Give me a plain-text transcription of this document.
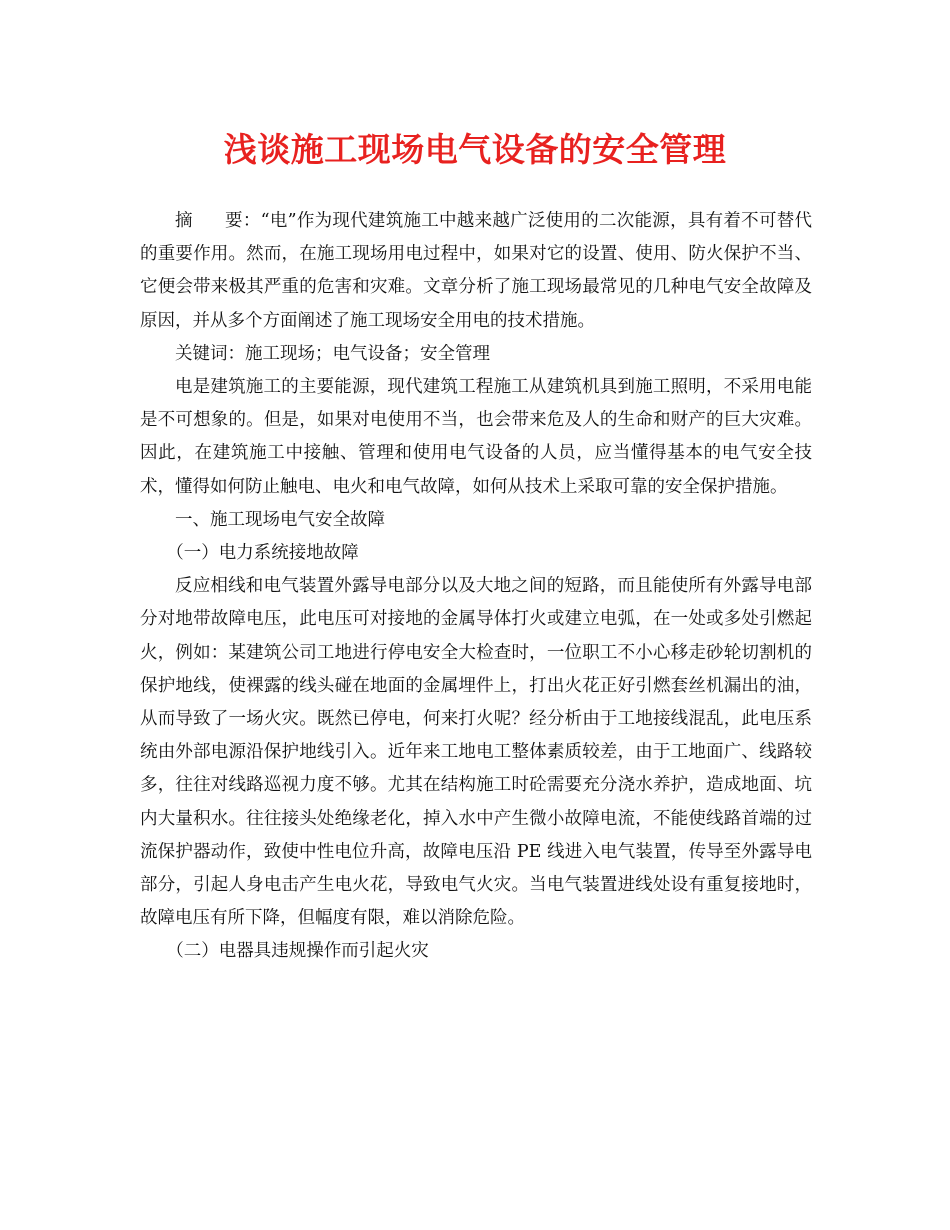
浅谈施工现场电气设备的安全管理

摘 要：“电”作为现代建筑施工中越来越广泛使用的二次能源，具有着不可替代的重要作用。然而，在施工现场用电过程中，如果对它的设置、使用、防火保护不当、它便会带来极其严重的危害和灾难。文章分析了施工现场最常见的几种电气安全故障及原因，并从多个方面阐述了施工现场安全用电的技术措施。

关键词：施工现场；电气设备；安全管理

电是建筑施工的主要能源，现代建筑工程施工从建筑机具到施工照明，不采用电能是不可想象的。但是，如果对电使用不当，也会带来危及人的生命和财产的巨大灾难。因此，在建筑施工中接触、管理和使用电气设备的人员，应当懂得基本的电气安全技术，懂得如何防止触电、电火和电气故障，如何从技术上采取可靠的安全保护措施。

一、施工现场电气安全故障

（一）电力系统接地故障

反应相线和电气装置外露导电部分以及大地之间的短路，而且能使所有外露导电部分对地带故障电压，此电压可对接地的金属导体打火或建立电弧，在一处或多处引燃起火，例如：某建筑公司工地进行停电安全大检查时，一位职工不小心移走砂轮切割机的保护地线，使裸露的线头碰在地面的金属埋件上，打出火花正好引燃套丝机漏出的油，从而导致了一场火灾。既然已停电，何来打火呢？经分析由于工地接线混乱，此电压系统由外部电源沿保护地线引入。近年来工地电工整体素质较差，由于工地面广、线路较多，往往对线路巡视力度不够。尤其在结构施工时砼需要充分浇水养护，造成地面、坑内大量积水。往往接头处绝缘老化，掉入水中产生微小故障电流，不能使线路首端的过流保护器动作，致使中性电位升高，故障电压沿 PE 线进入电气装置，传导至外露导电部分，引起人身电击产生电火花，导致电气火灾。当电气装置进线处设有重复接地时，故障电压有所下降，但幅度有限，难以消除危险。

（二）电器具违规操作而引起火灾
